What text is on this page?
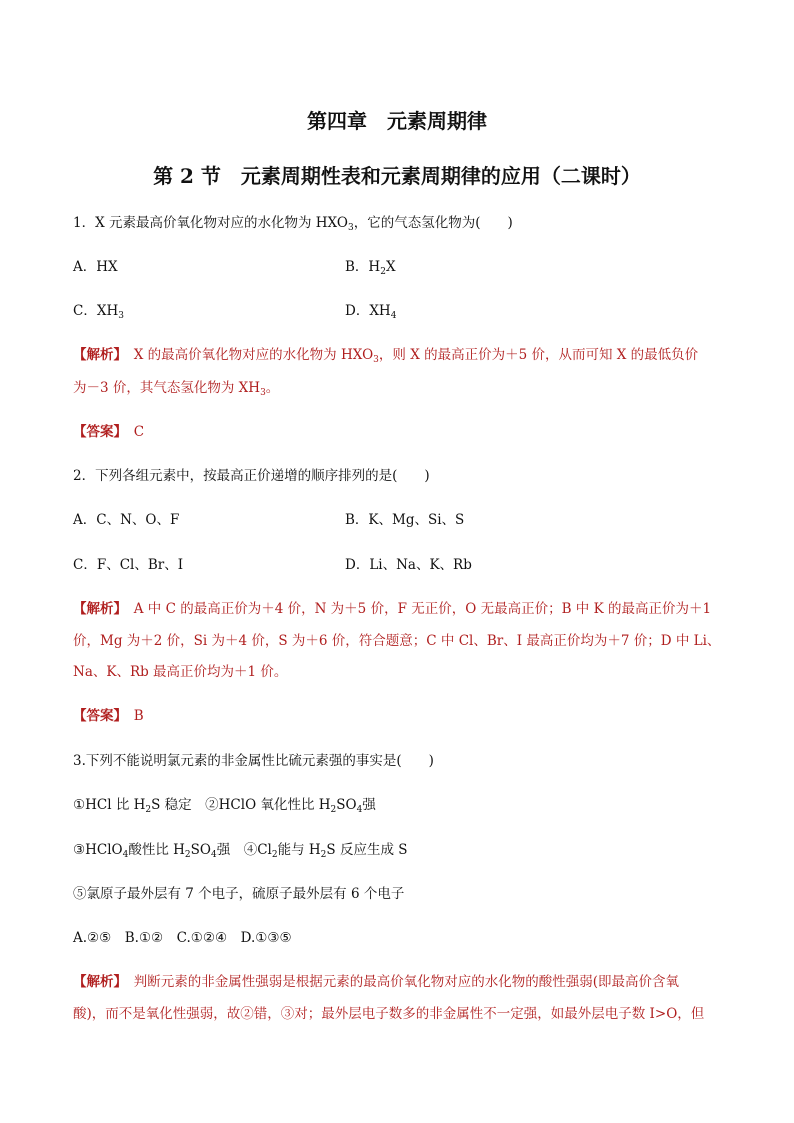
第四章　元素周期律
第 2 节　元素周期性表和元素周期律的应用（二课时）
1．X 元素最高价氧化物对应的水化物为 $HXO_3$，它的气态氢化物为(　　)
A．HX	B．$H_2X$
C．$XH_3$	D．$XH_4$
【解析】　 X 的最高价氧化物对应的水化物为 $HXO_3$，则 X 的最高正价为＋5 价，从而可知 X 的最低负价
为－3 价，其气态氢化物为 $XH_3$。
【答案】　 C
2．下列各组元素中，按最高正价递增的顺序排列的是(　　)
A．C、N、O、F	B．K、Mg、Si、S
C．F、Cl、Br、I	D．Li、Na、K、Rb
【解析】　 A 中 C 的最高正价为＋4 价，N 为＋5 价，F 无正价，O 无最高正价；B 中 K 的最高正价为＋1
价，Mg 为＋2 价，Si 为＋4 价，S 为＋6 价，符合题意；C 中 Cl、Br、I 最高正价均为＋7 价；D 中 Li、
Na、K、Rb 最高正价均为＋1 价。
【答案】　 B
3.下列不能说明氯元素的非金属性比硫元素强的事实是(　　)
①HCl 比 $H_2S$ 稳定　②HClO 氧化性比 $H_2SO_4$强
③HClO$_4$酸性比 $H_2SO_4$强　$④Cl_2$能与 $H_2S$ 反应生成 S
⑤氯原子最外层有 7 个电子，硫原子最外层有 6 个电子
A.②⑤　B.①②　C.①②④　D.①③⑤
【解析】　 判断元素的非金属性强弱是根据元素的最高价氧化物对应的水化物的酸性强弱(即最高价含氧
酸)，而不是氧化性强弱，故②错，③对；最外层电子数多的非金属性不一定强，如最外层电子数 I>O，但
